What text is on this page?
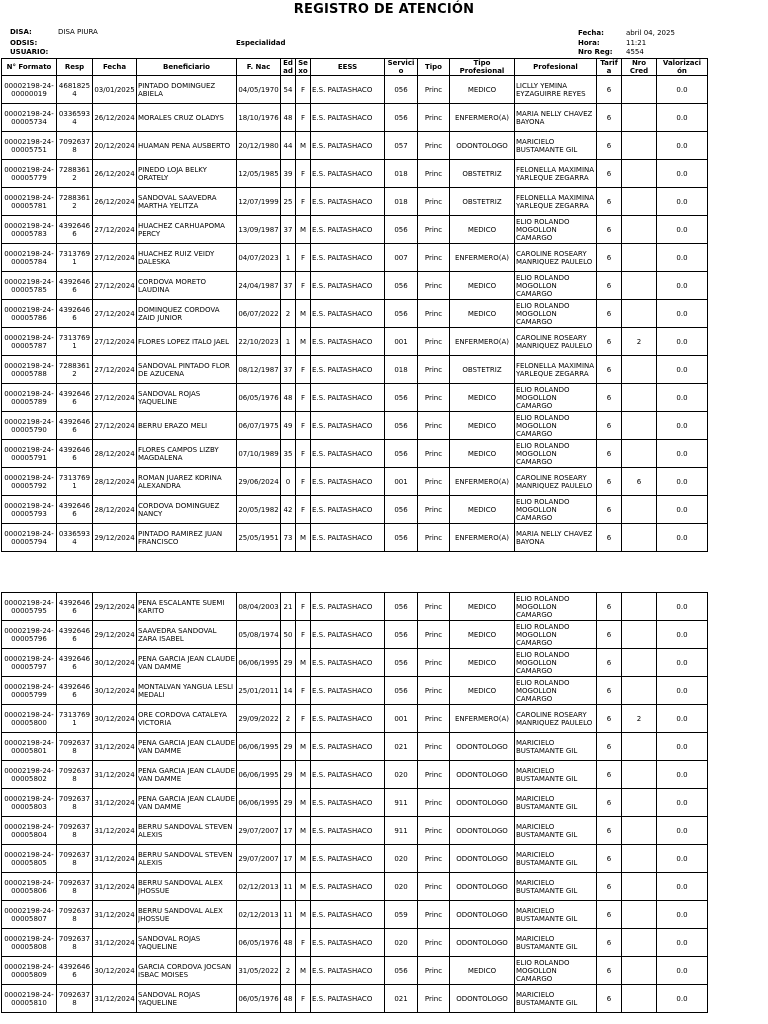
REGISTRO DE ATENCIÓN
DISA:	DISA PIURA
ODSIS:
USUARIO:
Especialidad
Fecha:	abril 04, 2025
Hora:	11:21
Nro Reg: 4554
N° Formato	Resp	Fecha	Beneficiario	F. Nac	Ed ad	Se xo	EESS	Servici o	Tipo	Tipo Profesional	Profesional	Tarif a	Nro Cred	Valorizaci ón

00002198-24-00000019	46818254	03/01/2025	PINTADO DOMINGUEZ ABIELA	04/05/1970	54	F	E.S. PALTASHACO	056	Princ	MEDICO	LICLLY YEMINA EYZAGUIRRE REYES	6		0.0

00002198-24-00005734	03365934	26/12/2024	MORALES CRUZ OLADYS	18/10/1976	48	F	E.S. PALTASHACO	056	Princ	ENFERMERO(A)	MARIA NELLY CHAVEZ BAYONA	6		0.0

00002198-24-00005751	70926378	20/12/2024	HUAMAN PEÑA AUSBERTO	20/12/1980	44	M	E.S. PALTASHACO	057	Princ	ODONTOLOGO	MARICIELO BUSTAMANTE GIL	6		0.0

00002198-24-00005779	72883612	26/12/2024	PINEDO LOJA BELKY ORATELY	12/05/1985	39	F	E.S. PALTASHACO	018	Princ	OBSTETRIZ	FELONELLA MAXIMINA YARLEQUE ZEGARRA	6		0.0

00002198-24-00005781	72883612	26/12/2024	SANDOVAL SAAVEDRA MARTHA YELITZA	12/07/1999	25	F	E.S. PALTASHACO	018	Princ	OBSTETRIZ	FELONELLA MAXIMINA YARLEQUE ZEGARRA	6		0.0

00002198-24-00005783	43926466	27/12/2024	HUACHEZ CARHUAPOMA PERCY	13/09/1987	37	M	E.S. PALTASHACO	056	Princ	MEDICO	ELIO ROLANDO MOGOLLON CAMARGO	6		0.0

00002198-24-00005784	73137691	27/12/2024	HUACHEZ RUIZ VEIDY DALESKA	04/07/2023	1	F	E.S. PALTASHACO	007	Princ	ENFERMERO(A)	CAROLINE ROSEARY MANRIQUEZ PAULELO	6		0.0

00002198-24-00005785	43926466	27/12/2024	CORDOVA MORETO LAUDINA	24/04/1987	37	F	E.S. PALTASHACO	056	Princ	MEDICO	ELIO ROLANDO MOGOLLON CAMARGO	6		0.0

00002198-24-00005786	43926466	27/12/2024	DOMINQUEZ CORDOVA ZAID JUNIOR	06/07/2022	2	M	E.S. PALTASHACO	056	Princ	MEDICO	ELIO ROLANDO MOGOLLON CAMARGO	6		0.0

00002198-24-00005787	73137691	27/12/2024	FLORES LOPEZ ITALO JAEL	22/10/2023	1	M	E.S. PALTASHACO	001	Princ	ENFERMERO(A)	CAROLINE ROSEARY MANRIQUEZ PAULELO	6	2	0.0

00002198-24-00005788	72883612	27/12/2024	SANDOVAL PINTADO FLOR DE AZUCENA	08/12/1987	37	F	E.S. PALTASHACO	018	Princ	OBSTETRIZ	FELONELLA MAXIMINA YARLEQUE ZEGARRA	6		0.0

00002198-24-00005789	43926466	27/12/2024	SANDOVAL ROJAS YAQUELINE	06/05/1976	48	F	E.S. PALTASHACO	056	Princ	MEDICO	ELIO ROLANDO MOGOLLON CAMARGO	6		0.0

00002198-24-00005790	43926466	27/12/2024	BERRU ERAZO MELI	06/07/1975	49	F	E.S. PALTASHACO	056	Princ	MEDICO	ELIO ROLANDO MOGOLLON CAMARGO	6		0.0

00002198-24-00005791	43926466	28/12/2024	FLORES CAMPOS LIZBY MAGDALENA	07/10/1989	35	F	E.S. PALTASHACO	056	Princ	MEDICO	ELIO ROLANDO MOGOLLON CAMARGO	6		0.0

00002198-24-00005792	73137691	28/12/2024	ROMAN JUAREZ KORINA ALEXANDRA	29/06/2024	0	F	E.S. PALTASHACO	001	Princ	ENFERMERO(A)	CAROLINE ROSEARY MANRIQUEZ PAULELO	6	6	0.0

00002198-24-00005793	43926466	28/12/2024	CORDOVA DOMINGUEZ NANCY	20/05/1982	42	F	E.S. PALTASHACO	056	Princ	MEDICO	ELIO ROLANDO MOGOLLON CAMARGO	6		0.0

00002198-24-00005794	03365934	29/12/2024	PINTADO RAMIREZ JUAN FRANCISCO	25/05/1951	73	M	E.S. PALTASHACO	056	Princ	ENFERMERO(A)	MARIA NELLY CHAVEZ BAYONA	6		0.0
00002198-24-00005795	43926466	29/12/2024	PEÑA ESCALANTE SUEMI KARITO	08/04/2003	21	F	E.S. PALTASHACO	056	Princ	MEDICO	ELIO ROLANDO MOGOLLON CAMARGO	6		0.0

00002198-24-00005796	43926466	29/12/2024	SAAVEDRA SANDOVAL ZARA ISABEL	05/08/1974	50	F	E.S. PALTASHACO	056	Princ	MEDICO	ELIO ROLANDO MOGOLLON CAMARGO	6		0.0

00002198-24-00005797	43926466	30/12/2024	PEÑA GARCIA JEAN CLAUDE VAN DAMME	06/06/1995	29	M	E.S. PALTASHACO	056	Princ	MEDICO	ELIO ROLANDO MOGOLLON CAMARGO	6		0.0

00002198-24-00005799	43926466	30/12/2024	MONTALVAN YANGUA LESLI MEDALI	25/01/2011	14	F	E.S. PALTASHACO	056	Princ	MEDICO	ELIO ROLANDO MOGOLLON CAMARGO	6		0.0

00002198-24-00005800	73137691	30/12/2024	ORE CORDOVA CATALEYA VICTORIA	29/09/2022	2	F	E.S. PALTASHACO	001	Princ	ENFERMERO(A)	CAROLINE ROSEARY MANRIQUEZ PAULELO	6	2	0.0

00002198-24-00005801	70926378	31/12/2024	PEÑA GARCIA JEAN CLAUDE VAN DAMME	06/06/1995	29	M	E.S. PALTASHACO	021	Princ	ODONTOLOGO	MARICIELO BUSTAMANTE GIL	6		0.0

00002198-24-00005802	70926378	31/12/2024	PEÑA GARCIA JEAN CLAUDE VAN DAMME	06/06/1995	29	M	E.S. PALTASHACO	020	Princ	ODONTOLOGO	MARICIELO BUSTAMANTE GIL	6		0.0

00002198-24-00005803	70926378	31/12/2024	PEÑA GARCIA JEAN CLAUDE VAN DAMME	06/06/1995	29	M	E.S. PALTASHACO	911	Princ	ODONTOLOGO	MARICIELO BUSTAMANTE GIL	6		0.0

00002198-24-00005804	70926378	31/12/2024	BERRU SANDOVAL STEVEN ALEXIS	29/07/2007	17	M	E.S. PALTASHACO	911	Princ	ODONTOLOGO	MARICIELO BUSTAMANTE GIL	6		0.0

00002198-24-00005805	70926378	31/12/2024	BERRU SANDOVAL STEVEN ALEXIS	29/07/2007	17	M	E.S. PALTASHACO	020	Princ	ODONTOLOGO	MARICIELO BUSTAMANTE GIL	6		0.0

00002198-24-00005806	70926378	31/12/2024	BERRU SANDOVAL ALEX JHOSSUE	02/12/2013	11	M	E.S. PALTASHACO	020	Princ	ODONTOLOGO	MARICIELO BUSTAMANTE GIL	6		0.0

00002198-24-00005807	70926378	31/12/2024	BERRU SANDOVAL ALEX JHOSSUE	02/12/2013	11	M	E.S. PALTASHACO	059	Princ	ODONTOLOGO	MARICIELO BUSTAMANTE GIL	6		0.0

00002198-24-00005808	70926378	31/12/2024	SANDOVAL ROJAS YAQUELINE	06/05/1976	48	F	E.S. PALTASHACO	020	Princ	ODONTOLOGO	MARICIELO BUSTAMANTE GIL	6		0.0

00002198-24-00005809	43926466	30/12/2024	GARCIA CORDOVA JOCSAN ISBAC MOISES	31/05/2022	2	M	E.S. PALTASHACO	056	Princ	MEDICO	ELIO ROLANDO MOGOLLON CAMARGO	6		0.0

00002198-24-00005810	70926378	31/12/2024	SANDOVAL ROJAS YAQUELINE	06/05/1976	48	F	E.S. PALTASHACO	021	Princ	ODONTOLOGO	MARICIELO BUSTAMANTE GIL	6		0.0
